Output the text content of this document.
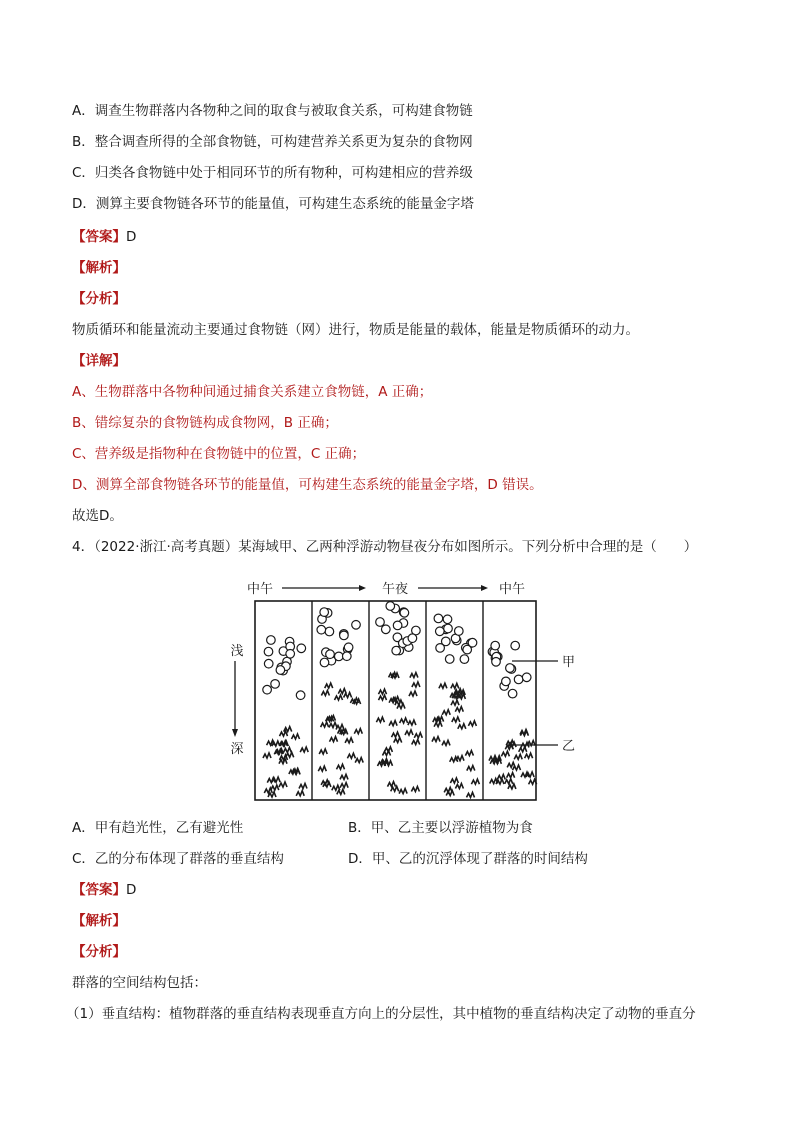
A．调查生物群落内各物种之间的取食与被取食关系，可构建食物链
B．整合调查所得的全部食物链，可构建营养关系更为复杂的食物网
C．归类各食物链中处于相同环节的所有物种，可构建相应的营养级
D．测算主要食物链各环节的能量值，可构建生态系统的能量金字塔
【答案】D
【解析】
【分析】
物质循环和能量流动主要通过食物链（网）进行，物质是能量的载体，能量是物质循环的动力。
【详解】
A、生物群落中各物种间通过捕食关系建立食物链，A 正确；
B、错综复杂的食物链构成食物网，B 正确；
C、营养级是指物种在食物链中的位置，C 正确；
D、测算全部食物链各环节的能量值，可构建生态系统的能量金字塔，D 错误。
故选D。
4．（2022·浙江·高考真题）某海域甲、乙两种浮游动物昼夜分布如图所示。下列分析中合理的是（　　）
中午	午夜	中午
浅
深
甲
乙
A．甲有趋光性，乙有避光性	B．甲、乙主要以浮游植物为食
C．乙的分布体现了群落的垂直结构	D．甲、乙的沉浮体现了群落的时间结构
【答案】D
【解析】
【分析】
群落的空间结构包括：
（1）垂直结构：植物群落的垂直结构表现垂直方向上的分层性，其中植物的垂直结构决定了动物的垂直分
